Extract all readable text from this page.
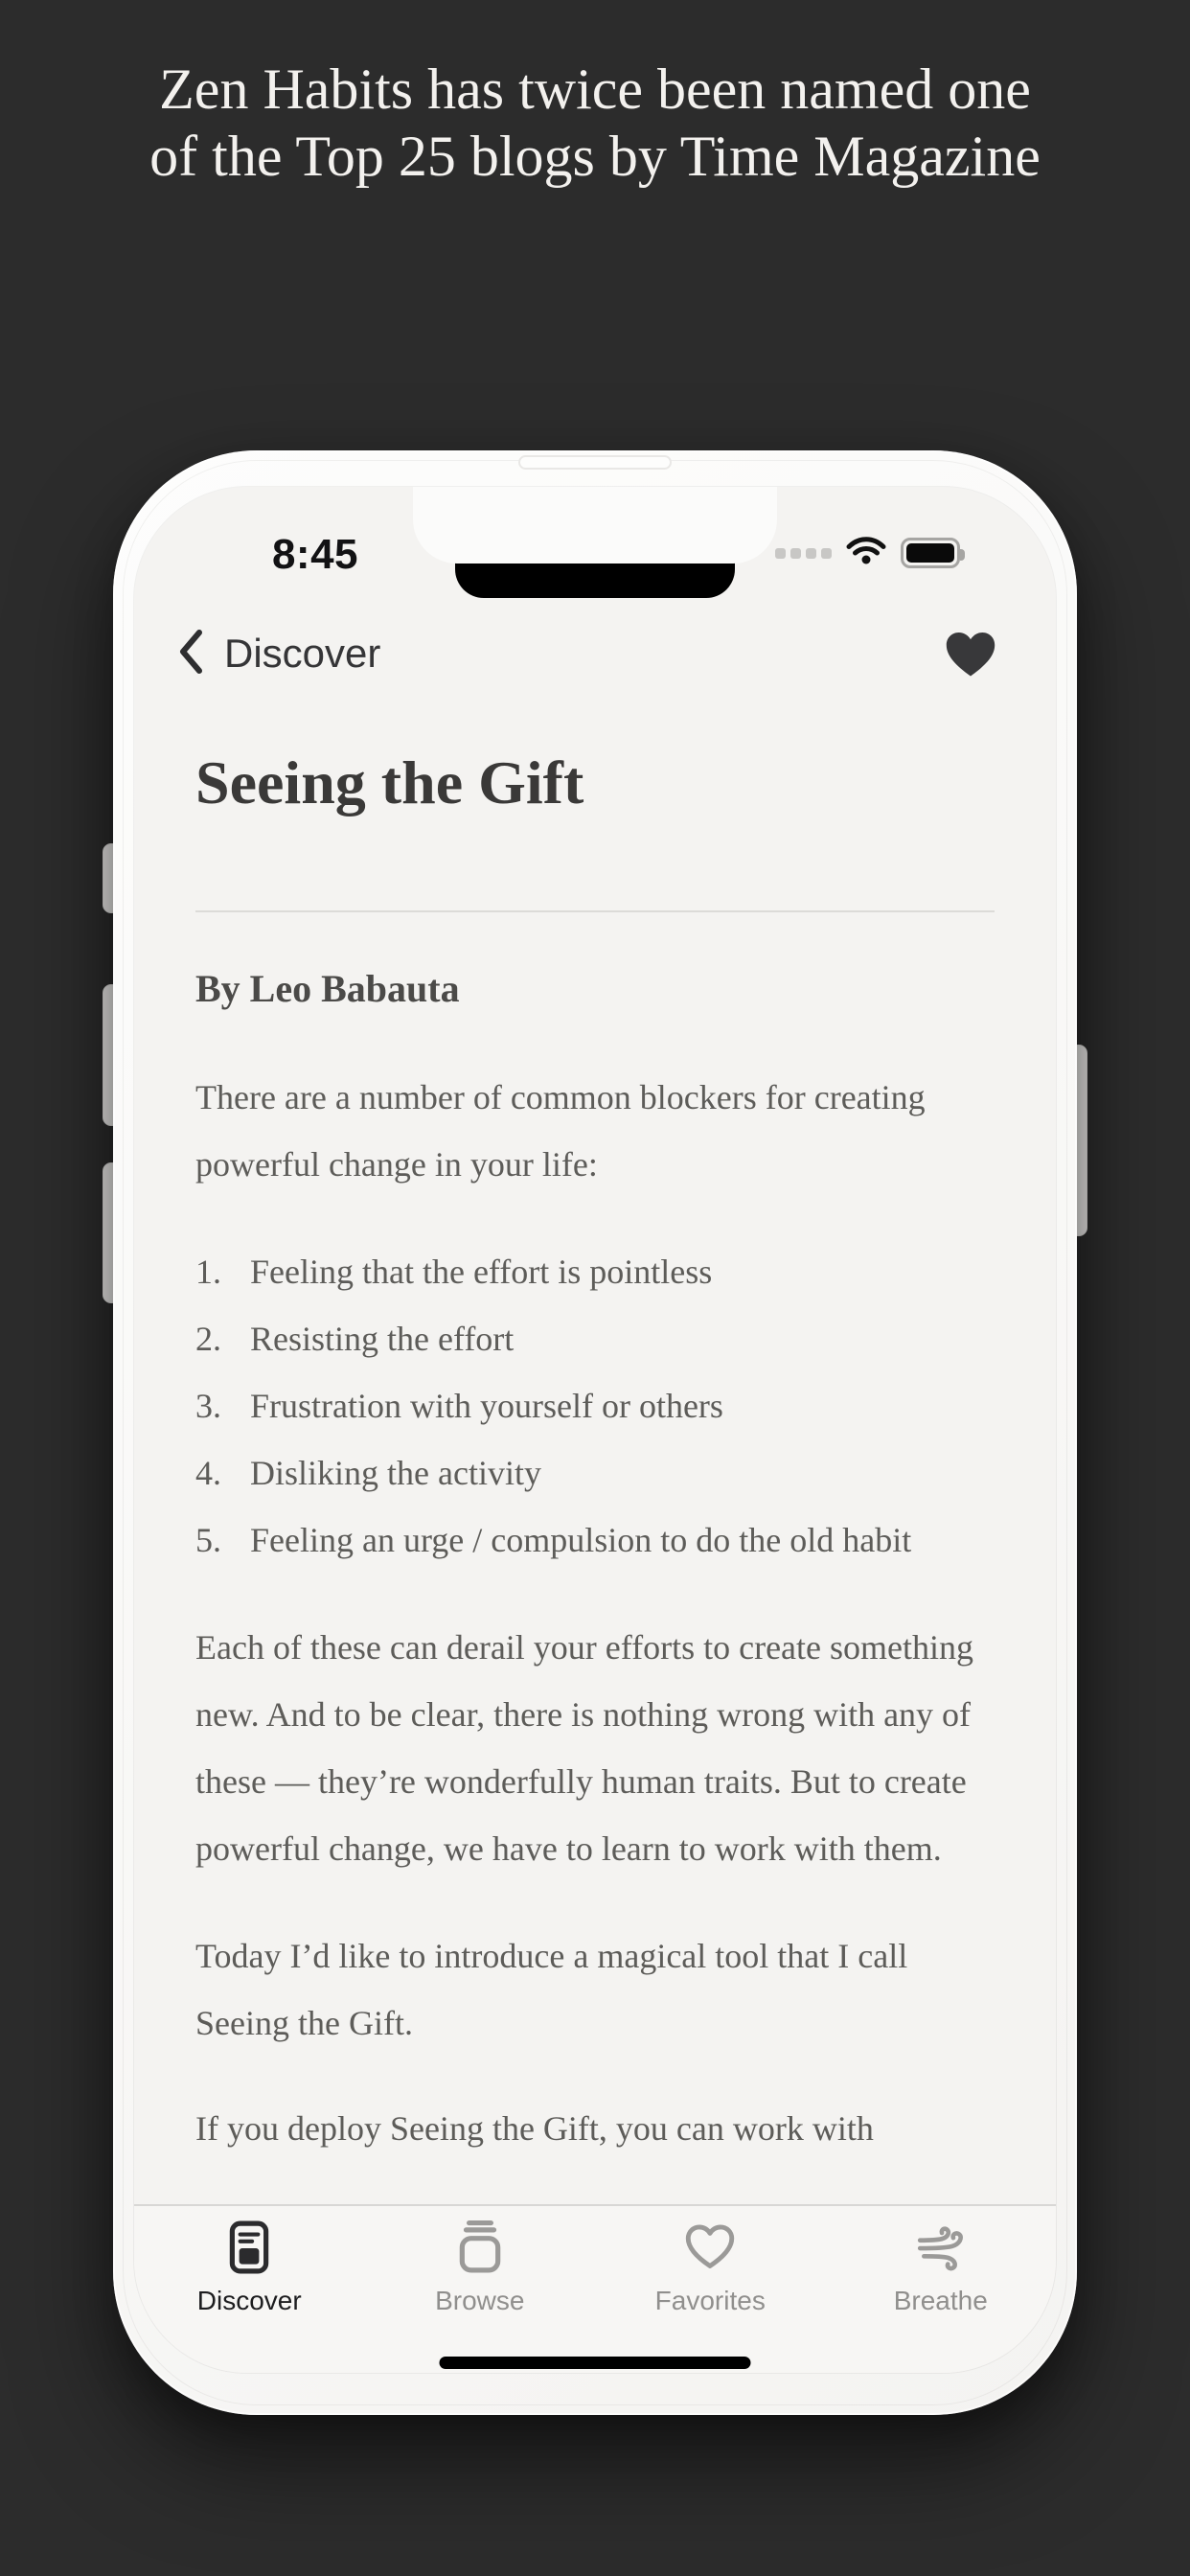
Zen Habits has twice been named one
of the Top 25 blogs by Time Magazine
8:45
Discover
Seeing the Gift
By Leo Babauta

There are a number of common blockers for creating powerful change in your life:

1. Feeling that the effort is pointless
2. Resisting the effort
3. Frustration with yourself or others
4. Disliking the activity
5. Feeling an urge / compulsion to do the old habit

Each of these can derail your efforts to create something new. And to be clear, there is nothing wrong with any of these — they’re wonderfully human traits. But to create powerful change, we have to learn to work with them.

Today I’d like to introduce a magical tool that I call Seeing the Gift.

If you deploy Seeing the Gift, you can work with

Discover	Browse	Favorites	Breathe
